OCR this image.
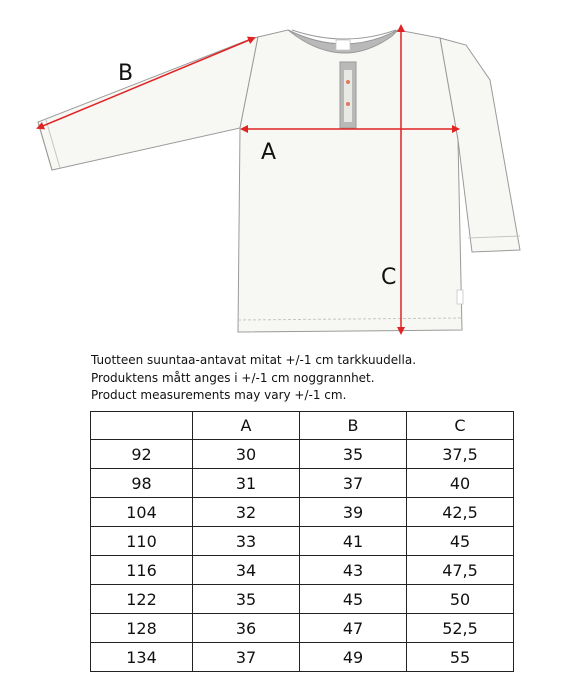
B
A
C
Tuotteen suuntaa-antavat mitat +/-1 cm tarkkuudella.
Produktens mått anges i +/-1 cm noggrannhet.
Product measurements may vary +/-1 cm.
	A	B	C
92	30	35	37,5
98	31	37	40
104	32	39	42,5
110	33	41	45
116	34	43	47,5
122	35	45	50
128	36	47	52,5
134	37	49	55
